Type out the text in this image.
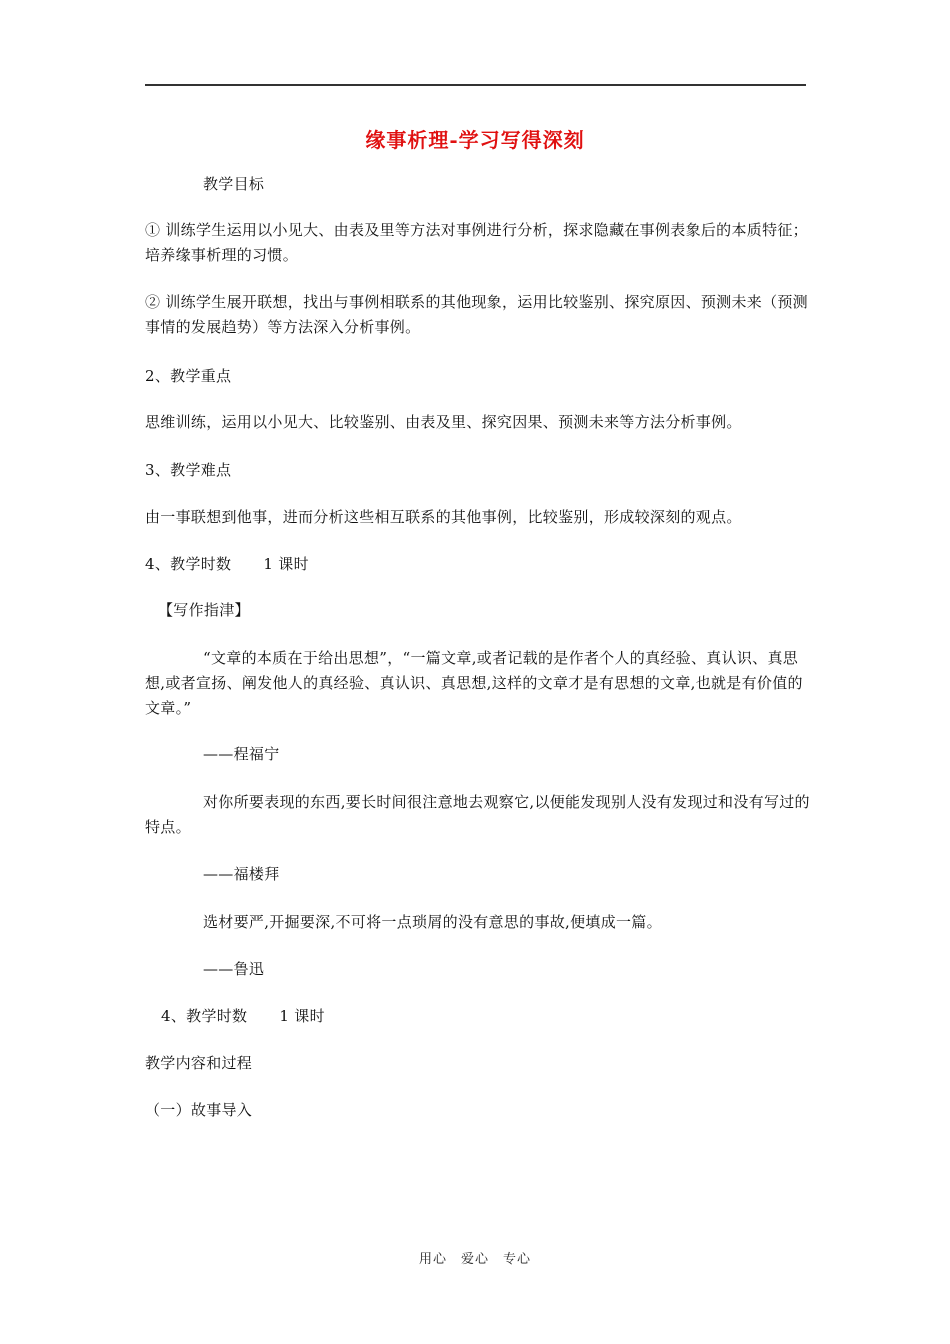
缘事析理-学习写得深刻
教学目标
① 训练学生运用以小见大、由表及里等方法对事例进行分析，探求隐藏在事例表象后的本质特征；培养缘事析理的习惯。
② 训练学生展开联想，找出与事例相联系的其他现象，运用比较鉴别、探究原因、预测未来（预测事情的发展趋势）等方法深入分析事例。
2、教学重点
思维训练，运用以小见大、比较鉴别、由表及里、探究因果、预测未来等方法分析事例。
3、教学难点
由一事联想到他事，进而分析这些相互联系的其他事例，比较鉴别，形成较深刻的观点。
4、教学时数 1 课时
【写作指津】
“文章的本质在于给出思想”，“一篇文章,或者记载的是作者个人的真经验、真认识、真思想,或者宣扬、阐发他人的真经验、真认识、真思想,这样的文章才是有思想的文章,也就是有价值的文章。”
——程福宁
对你所要表现的东西,要长时间很注意地去观察它,以便能发现别人没有发现过和没有写过的特点。
——福楼拜
选材要严,开掘要深,不可将一点琐屑的没有意思的事故,便填成一篇。
——鲁迅
4、教学时数 1 课时
教学内容和过程
（一）故事导入
用心　爱心　专心
